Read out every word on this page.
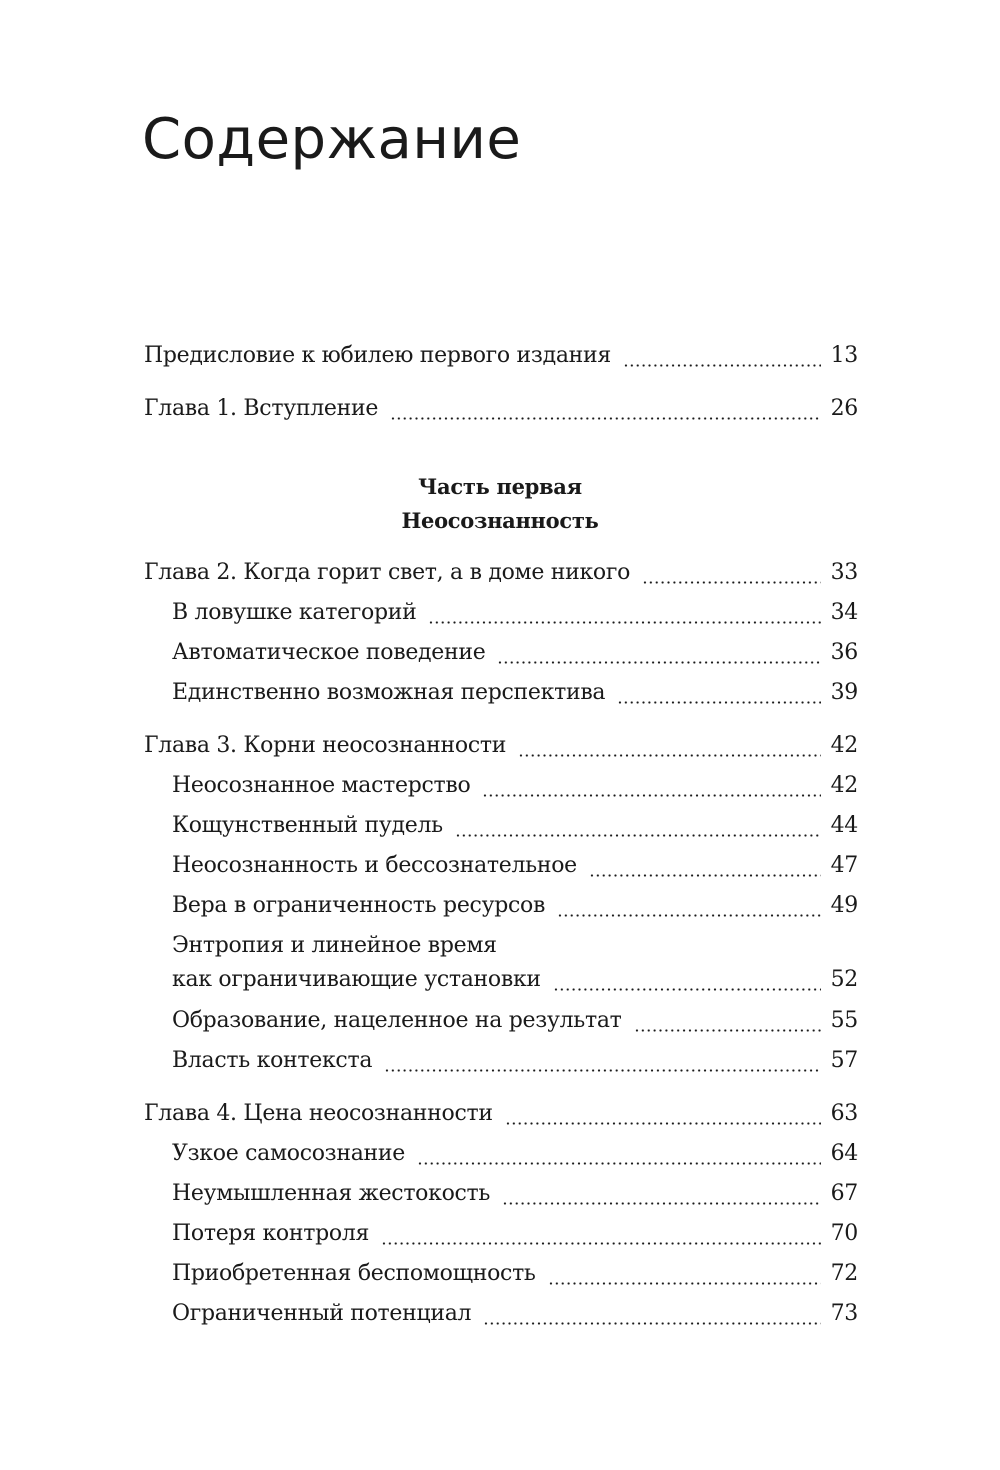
Содержание
Предисловие к юбилею первого издания	13
Глава 1. Вступление	26
Часть первая
Неосознанность
Глава 2. Когда горит свет, а в доме никого	33
В ловушке категорий	34
Автоматическое поведение	36
Единственно возможная перспектива	39
Глава 3. Корни неосознанности	42
Неосознанное мастерство	42
Кощунственный пудель	44
Неосознанность и бессознательное	47
Вера в ограниченность ресурсов	49
Энтропия и линейное время
как ограничивающие установки	52
Образование, нацеленное на результат	55
Власть контекста	57
Глава 4. Цена неосознанности	63
Узкое самосознание	64
Неумышленная жестокость	67
Потеря контроля	70
Приобретенная беспомощность	72
Ограниченный потенциал	73
